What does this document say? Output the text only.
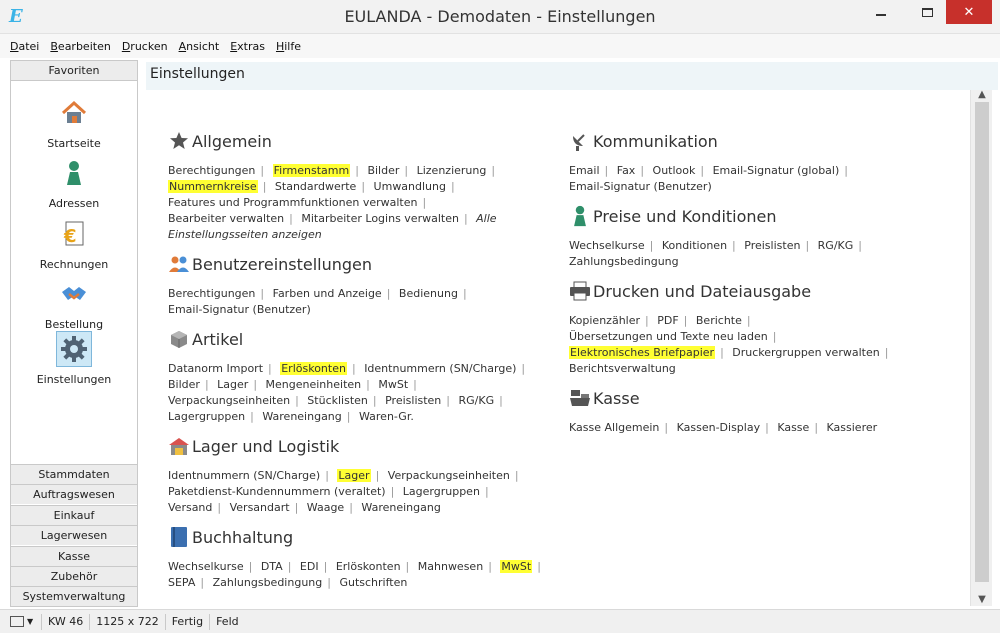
E	EULANDA - Demodaten - Einstellungen	✕
Datei Bearbeiten Drucken Ansicht Extras Hilfe
Favoriten
Startseite
Adressen
€
Rechnungen
Bestellung
Einstellungen
Stammdaten
Auftragswesen
Einkauf
Lagerwesen
Kasse
Zubehör
Systemverwaltung
Einstellungen
Allgemein
Berechtigungen | Firmenstamm | Bilder | Lizenzierung | Nummernkreise | Standardwerte | Umwandlung | Features und Programmfunktionen verwalten | Bearbeiter verwalten | Mitarbeiter Logins verwalten | Alle Einstellungsseiten anzeigen
Benutzereinstellungen
Berechtigungen | Farben und Anzeige | Bedienung | Email-Signatur (Benutzer)
Artikel
Datanorm Import | Erlöskonten | Identnummern (SN/Charge) | Bilder | Lager | Mengeneinheiten | MwSt | Verpackungseinheiten | Stücklisten | Preislisten | RG/KG | Lagergruppen | Wareneingang | Waren-Gr.
Lager und Logistik
Identnummern (SN/Charge) | Lager | Verpackungseinheiten | Paketdienst-Kundennummern (veraltet) | Lagergruppen | Versand | Versandart | Waage | Wareneingang
Buchhaltung
Wechselkurse | DTA | EDI | Erlöskonten | Mahnwesen | MwSt | SEPA | Zahlungsbedingung | Gutschriften
Kommunikation
Email | Fax | Outlook | Email-Signatur (global) | Email-Signatur (Benutzer)
Preise und Konditionen
Wechselkurse | Konditionen | Preislisten | RG/KG | Zahlungsbedingung
Drucken und Dateiausgabe
Kopienzähler | PDF | Berichte | Übersetzungen und Texte neu laden | Elektronisches Briefpapier | Druckergruppen verwalten | Berichtsverwaltung
Kasse
Kasse Allgemein | Kassen-Display | Kasse | Kassierer
▲
▼
▼	KW 46	1125 x 722	Fertig	Feld
